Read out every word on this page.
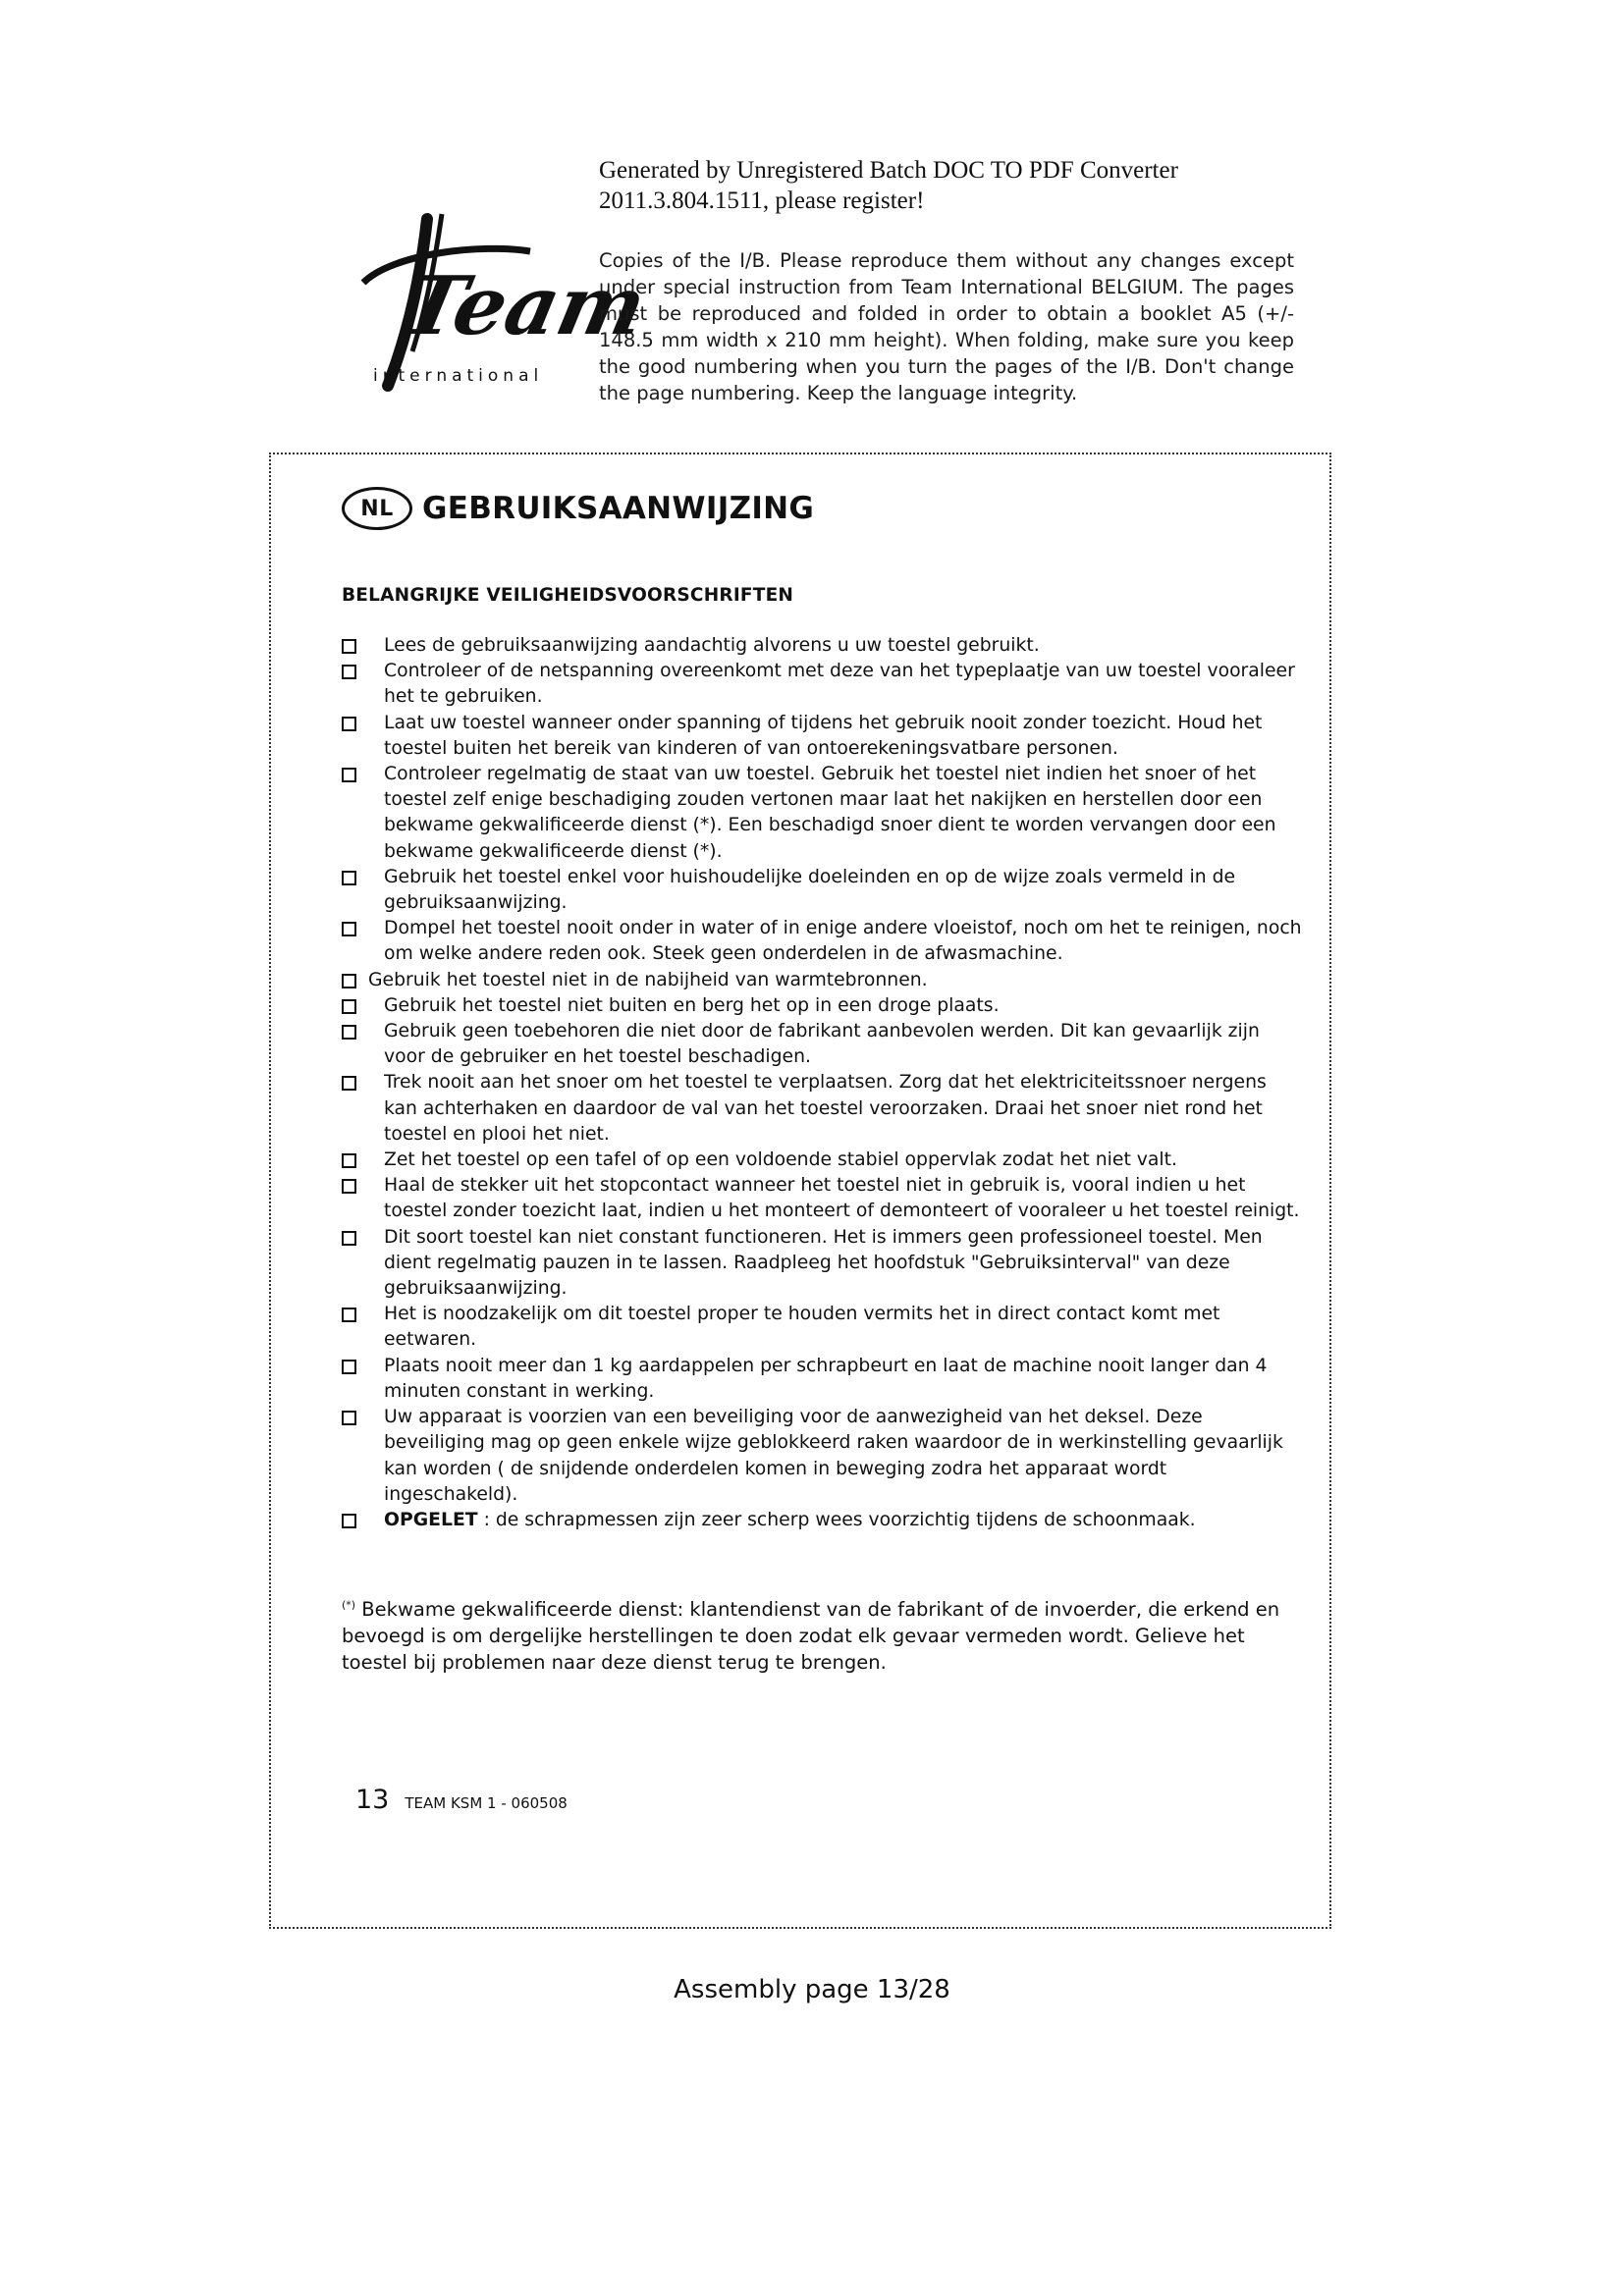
Generated by Unregistered Batch DOC TO PDF Converter
2011.3.804.1511, please register!
Team
international
Copies of the I/B. Please reproduce them without any changes except under special instruction from Team International BELGIUM. The pages must be reproduced and folded in order to obtain a booklet A5 (+/- 148.5 mm width x 210 mm height). When folding, make sure you keep the good numbering when you turn the pages of the I/B. Don't change the page numbering. Keep the language integrity.
NL GEBRUIKSAANWIJZING
BELANGRIJKE VEILIGHEIDSVOORSCHRIFTEN
Lees de gebruiksaanwijzing aandachtig alvorens u uw toestel gebruikt.
Controleer of de netspanning overeenkomt met deze van het typeplaatje van uw toestel vooraleer het te gebruiken.
Laat uw toestel wanneer onder spanning of tijdens het gebruik nooit zonder toezicht. Houd het toestel buiten het bereik van kinderen of van ontoerekeningsvatbare personen.
Controleer regelmatig de staat van uw toestel. Gebruik het toestel niet indien het snoer of het toestel zelf enige beschadiging zouden vertonen maar laat het nakijken en herstellen door een bekwame gekwalificeerde dienst (*). Een beschadigd snoer dient te worden vervangen door een bekwame gekwalificeerde dienst (*).
Gebruik het toestel enkel voor huishoudelijke doeleinden en op de wijze zoals vermeld in de gebruiksaanwijzing.
Dompel het toestel nooit onder in water of in enige andere vloeistof, noch om het te reinigen, noch om welke andere reden ook. Steek geen onderdelen in de afwasmachine.
Gebruik het toestel niet in de nabijheid van warmtebronnen.
Gebruik het toestel niet buiten en berg het op in een droge plaats.
Gebruik geen toebehoren die niet door de fabrikant aanbevolen werden. Dit kan gevaarlijk zijn voor de gebruiker en het toestel beschadigen.
Trek nooit aan het snoer om het toestel te verplaatsen. Zorg dat het elektriciteitssnoer nergens kan achterhaken en daardoor de val van het toestel veroorzaken. Draai het snoer niet rond het toestel en plooi het niet.
Zet het toestel op een tafel of op een voldoende stabiel oppervlak zodat het niet valt.
Haal de stekker uit het stopcontact wanneer het toestel niet in gebruik is, vooral indien u het toestel zonder toezicht laat, indien u het monteert of demonteert of vooraleer u het toestel reinigt.
Dit soort toestel kan niet constant functioneren. Het is immers geen professioneel toestel. Men dient regelmatig pauzen in te lassen. Raadpleeg het hoofdstuk "Gebruiksinterval" van deze gebruiksaanwijzing.
Het is noodzakelijk om dit toestel proper te houden vermits het in direct contact komt met eetwaren.
Plaats nooit meer dan 1 kg aardappelen per schrapbeurt en laat de machine nooit langer dan 4 minuten constant in werking.
Uw apparaat is voorzien van een beveiliging voor de aanwezigheid van het deksel. Deze beveiliging mag op geen enkele wijze geblokkeerd raken waardoor de in werkinstelling gevaarlijk kan worden ( de snijdende onderdelen komen in beweging zodra het apparaat wordt ingeschakeld).
OPGELET : de schrapmessen zijn zeer scherp wees voorzichtig tijdens de schoonmaak.
(*) Bekwame gekwalificeerde dienst: klantendienst van de fabrikant of de invoerder, die erkend en bevoegd is om dergelijke herstellingen te doen zodat elk gevaar vermeden wordt. Gelieve het toestel bij problemen naar deze dienst terug te brengen.
13 TEAM KSM 1 - 060508
Assembly page 13/28
